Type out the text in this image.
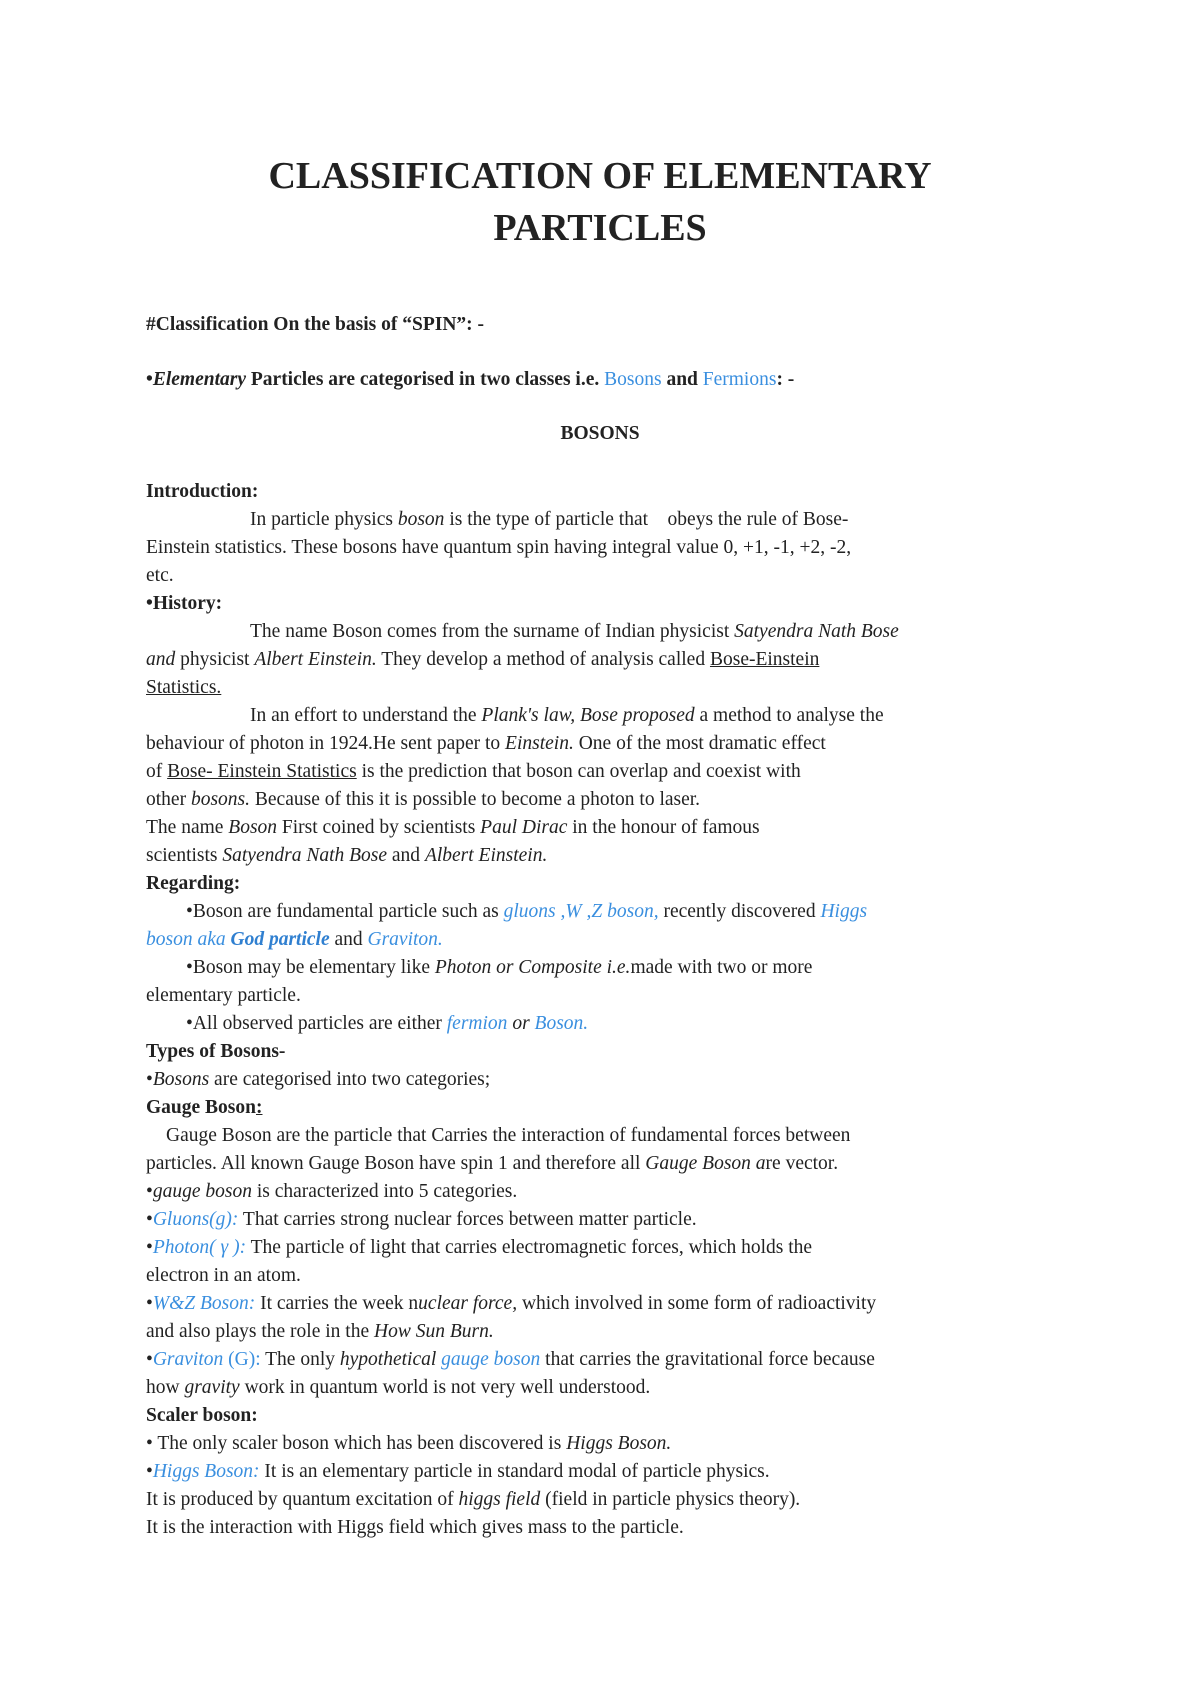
CLASSIFICATION OF ELEMENTARY
PARTICLES

#Classification On the basis of “SPIN”: -

•Elementary Particles are categorised in two classes i.e. Bosons and Fermions: -

BOSONS

Introduction:

In particle physics boson is the type of particle that    obeys the rule of Bose-

Einstein statistics. These bosons have quantum spin having integral value 0, +1, -1, +2, -2,

etc.

•History:

The name Boson comes from the surname of Indian physicist Satyendra Nath Bose

and physicist Albert Einstein. They develop a method of analysis called Bose-Einstein

Statistics.

In an effort to understand the Plank's law, Bose proposed a method to analyse the

behaviour of photon in 1924.He sent paper to Einstein. One of the most dramatic effect

of Bose- Einstein Statistics is the prediction that boson can overlap and coexist with

other bosons. Because of this it is possible to become a photon to laser.

The name Boson First coined by scientists Paul Dirac in the honour of famous

scientists Satyendra Nath Bose and Albert Einstein.

Regarding:

•Boson are fundamental particle such as gluons ,W ,Z boson, recently discovered Higgs

boson aka God particle and Graviton.

•Boson may be elementary like Photon or Composite i.e.made with two or more

elementary particle.

•All observed particles are either fermion or Boson.

Types of Bosons-

•Bosons are categorised into two categories;

Gauge Boson:

Gauge Boson are the particle that Carries the interaction of fundamental forces between

particles. All known Gauge Boson have spin 1 and therefore all Gauge Boson are vector.

•gauge boson is characterized into 5 categories.

•Gluons(g): That carries strong nuclear forces between matter particle.

•Photon( γ ): The particle of light that carries electromagnetic forces, which holds the

electron in an atom.

•W&Z Boson: It carries the week nuclear force, which involved in some form of radioactivity

and also plays the role in the How Sun Burn.

•Graviton (G): The only hypothetical gauge boson that carries the gravitational force because

how gravity work in quantum world is not very well understood.

Scaler boson:

• The only scaler boson which has been discovered is Higgs Boson.

•Higgs Boson: It is an elementary particle in standard modal of particle physics.

It is produced by quantum excitation of higgs field (field in particle physics theory).

It is the interaction with Higgs field which gives mass to the particle.
